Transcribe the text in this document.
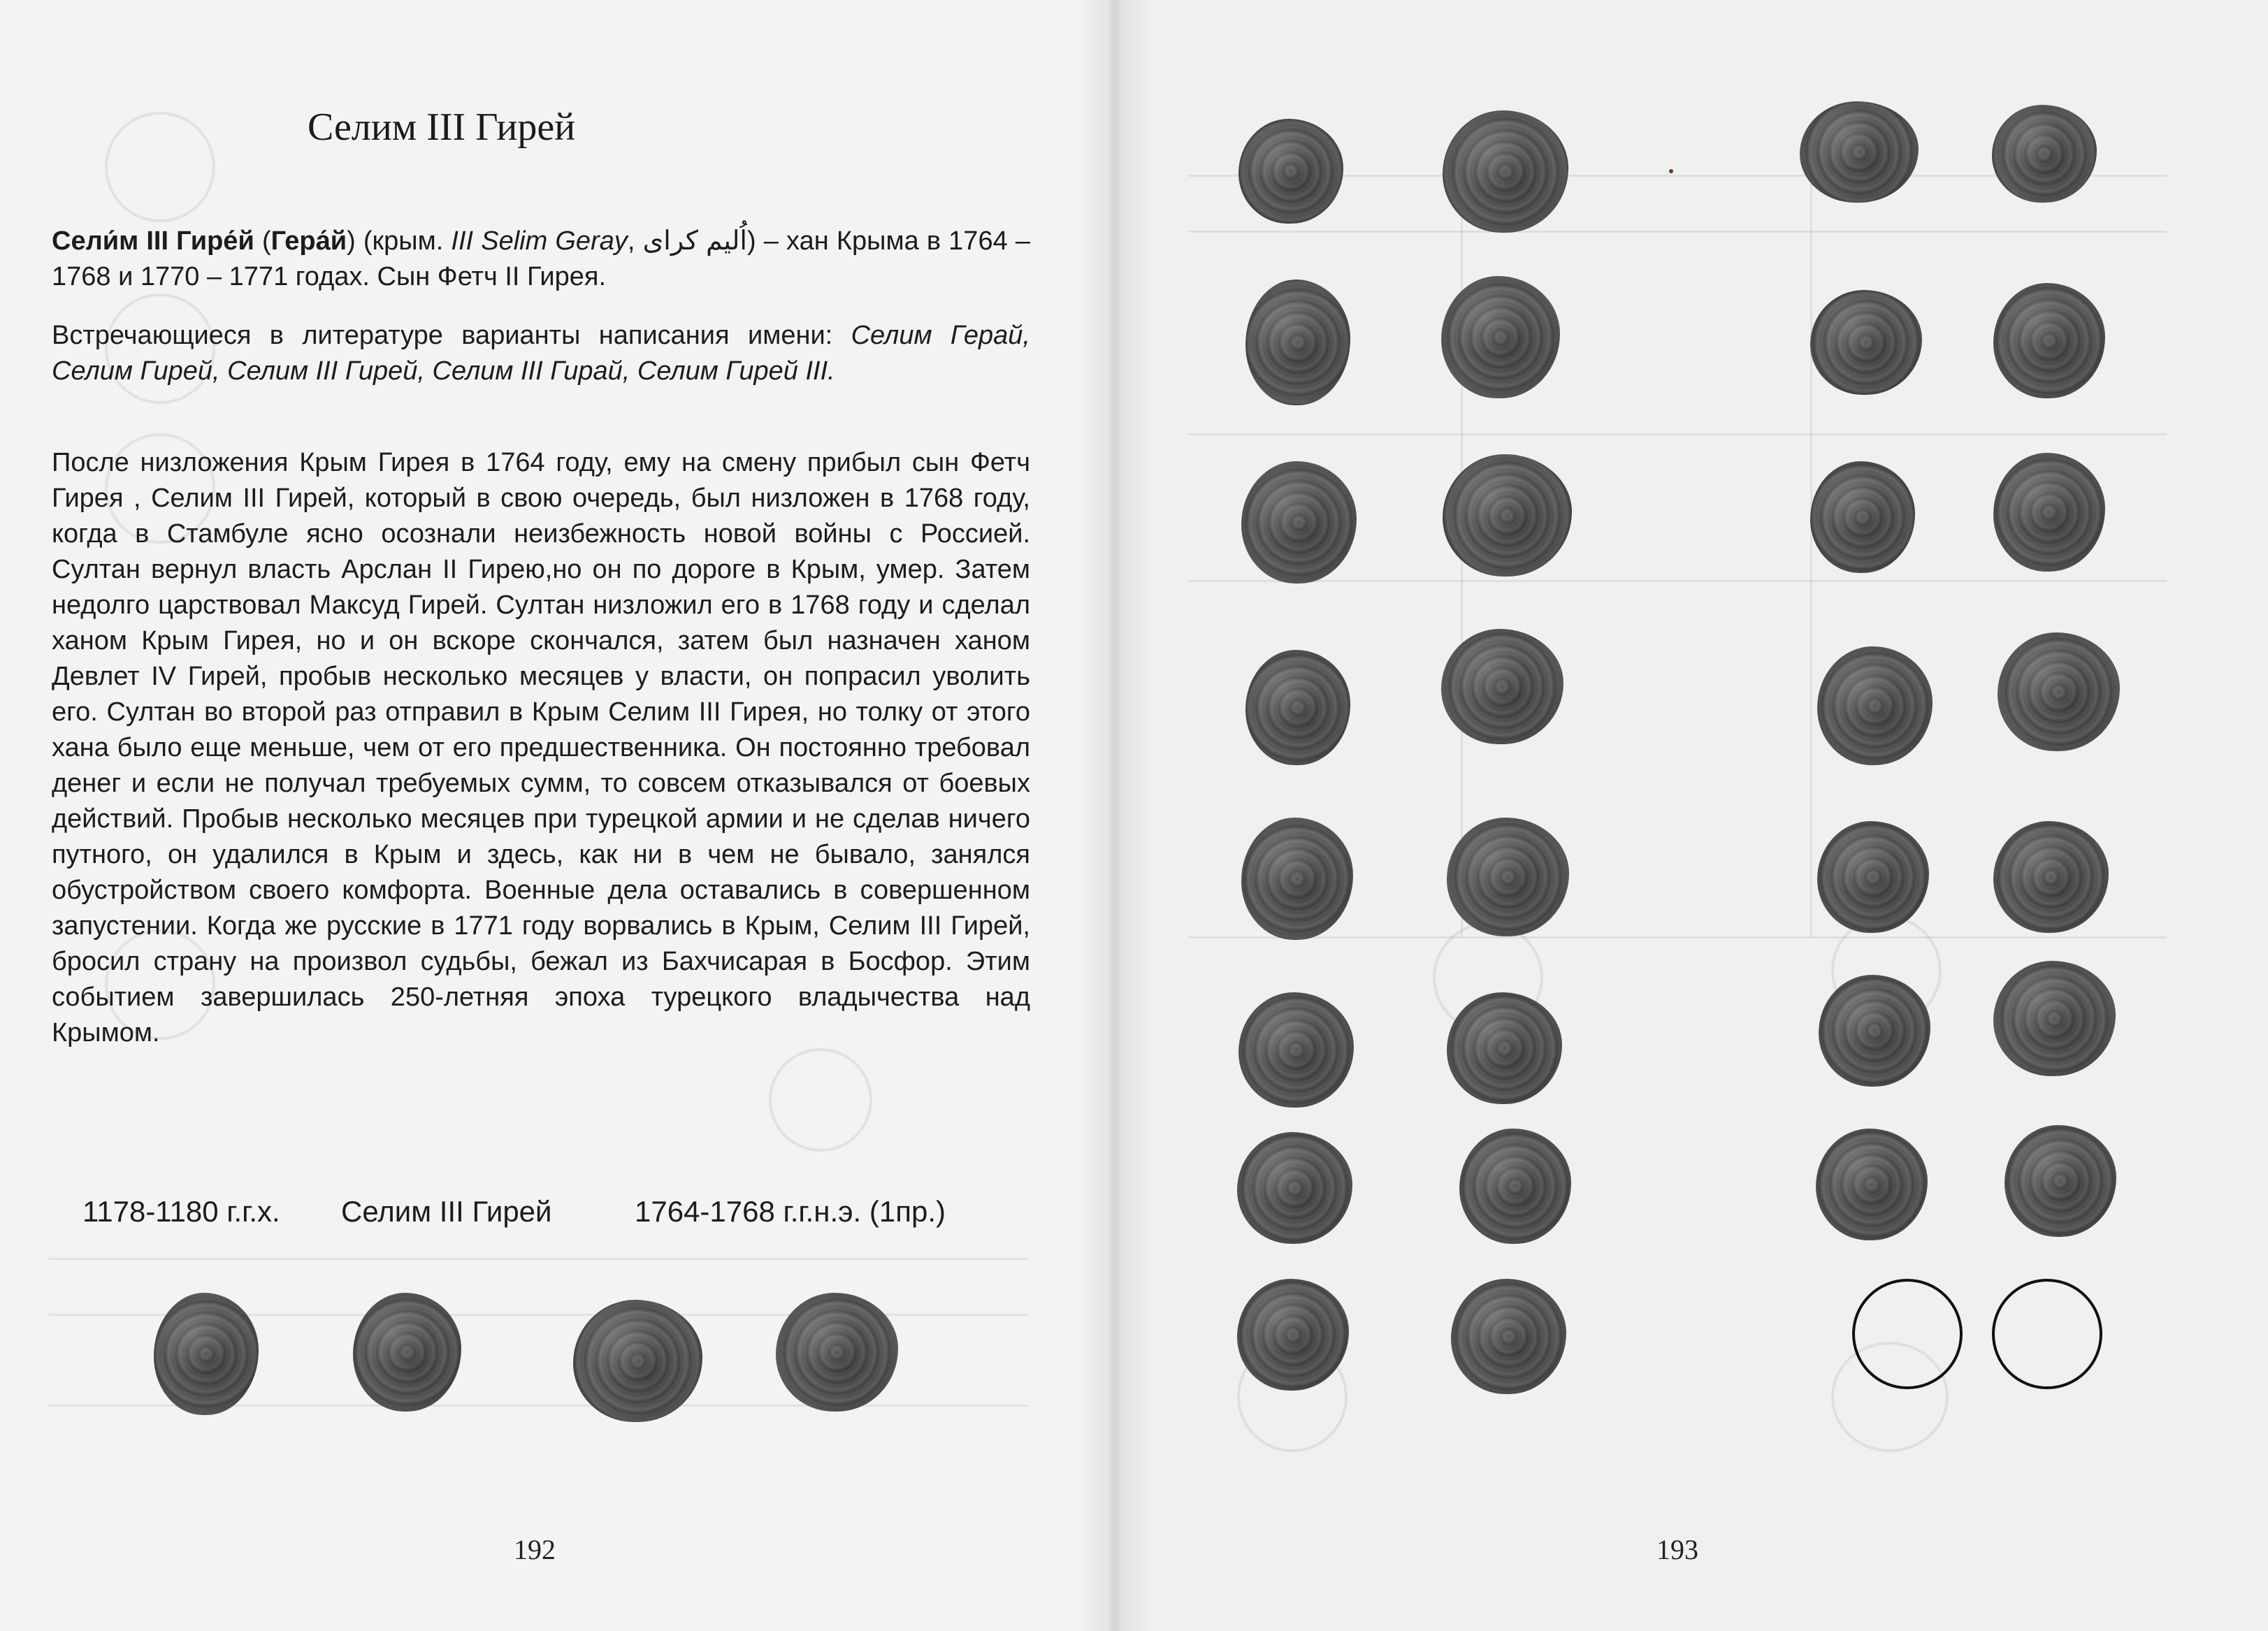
Селим III Гирей
Сели́м III Гире́й (Гера́й) (крым. III Selim Geray, اُلیم کرای) – хан Крыма в 1764 – 1768 и 1770 – 1771 годах. Сын Фетч II Гирея.
Встречающиеся в литературе варианты написания имени: Селим Герай, Селим Гирей, Селим III Гирей, Селим III Гирай, Селим Гирей III.
После низложения Крым Гирея в 1764 году, ему на смену прибыл сын Фетч Гирея , Селим III Гирей, который в свою очередь, был низложен в 1768 году, когда в Стамбуле ясно осознали неизбежность новой войны с Россией. Султан вернул власть Арслан II Гирею,но он по дороге в Крым, умер. Затем недолго царствовал Максуд Гирей. Султан низложил его в 1768 году и сделал ханом Крым Гирея, но и он вскоре скончался, затем был назначен ханом Девлет IV Гирей, пробыв несколько месяцев у власти, он попрасил уволить его. Султан во второй раз отправил в Крым Селим III Гирея, но толку от этого хана было еще меньше, чем от его предшественника. Он постоянно требовал денег и если не получал требуемых сумм, то совсем отказывался от боевых действий. Пробыв несколько месяцев при турецкой армии и не сделав ничего путного, он удалился в Крым и здесь, как ни в чем не бывало, занялся обустройством своего комфорта. Военные дела оставались в совершенном запустении. Когда же русские в 1771 году ворвались в Крым, Селим III Гирей, бросил страну на произвол судьбы, бежал из Бахчисарая в Босфор. Этим событием завершилась 250-летняя эпоха турецкого владычества над Крымом.
1178-1180 г.г.х. Селим III Гирей	1764-1768 г.г.н.э. (1пр.)
192	193
